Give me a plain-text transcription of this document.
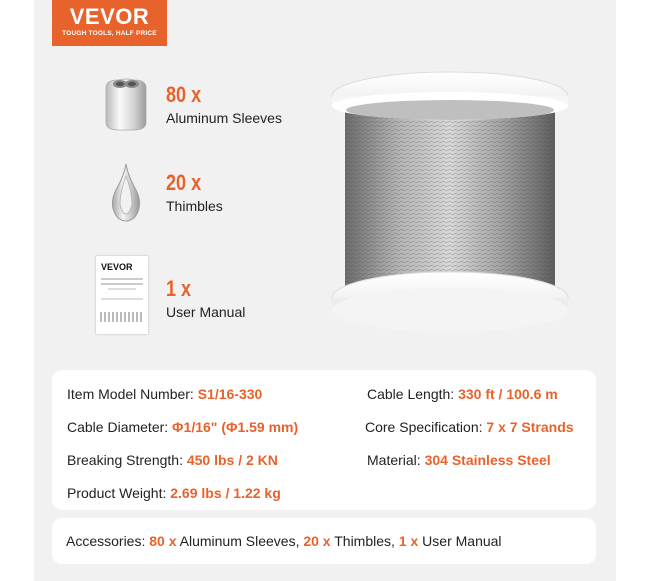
VEVOR
TOUGH TOOLS, HALF PRICE
80 x
Aluminum Sleeves
20 x
Thimbles
VEVOR
1 x
User Manual
Item Model Number: S1/16-330	Cable Length: 330 ft / 100.6 m
Cable Diameter: Φ1/16" (Φ1.59 mm)	Core Specification: 7 x 7 Strands
Breaking Strength: 450 lbs / 2 KN	Material: 304 Stainless Steel
Product Weight: 2.69 lbs / 1.22 kg
Accessories: 80 x Aluminum Sleeves, 20 x Thimbles, 1 x User Manual
